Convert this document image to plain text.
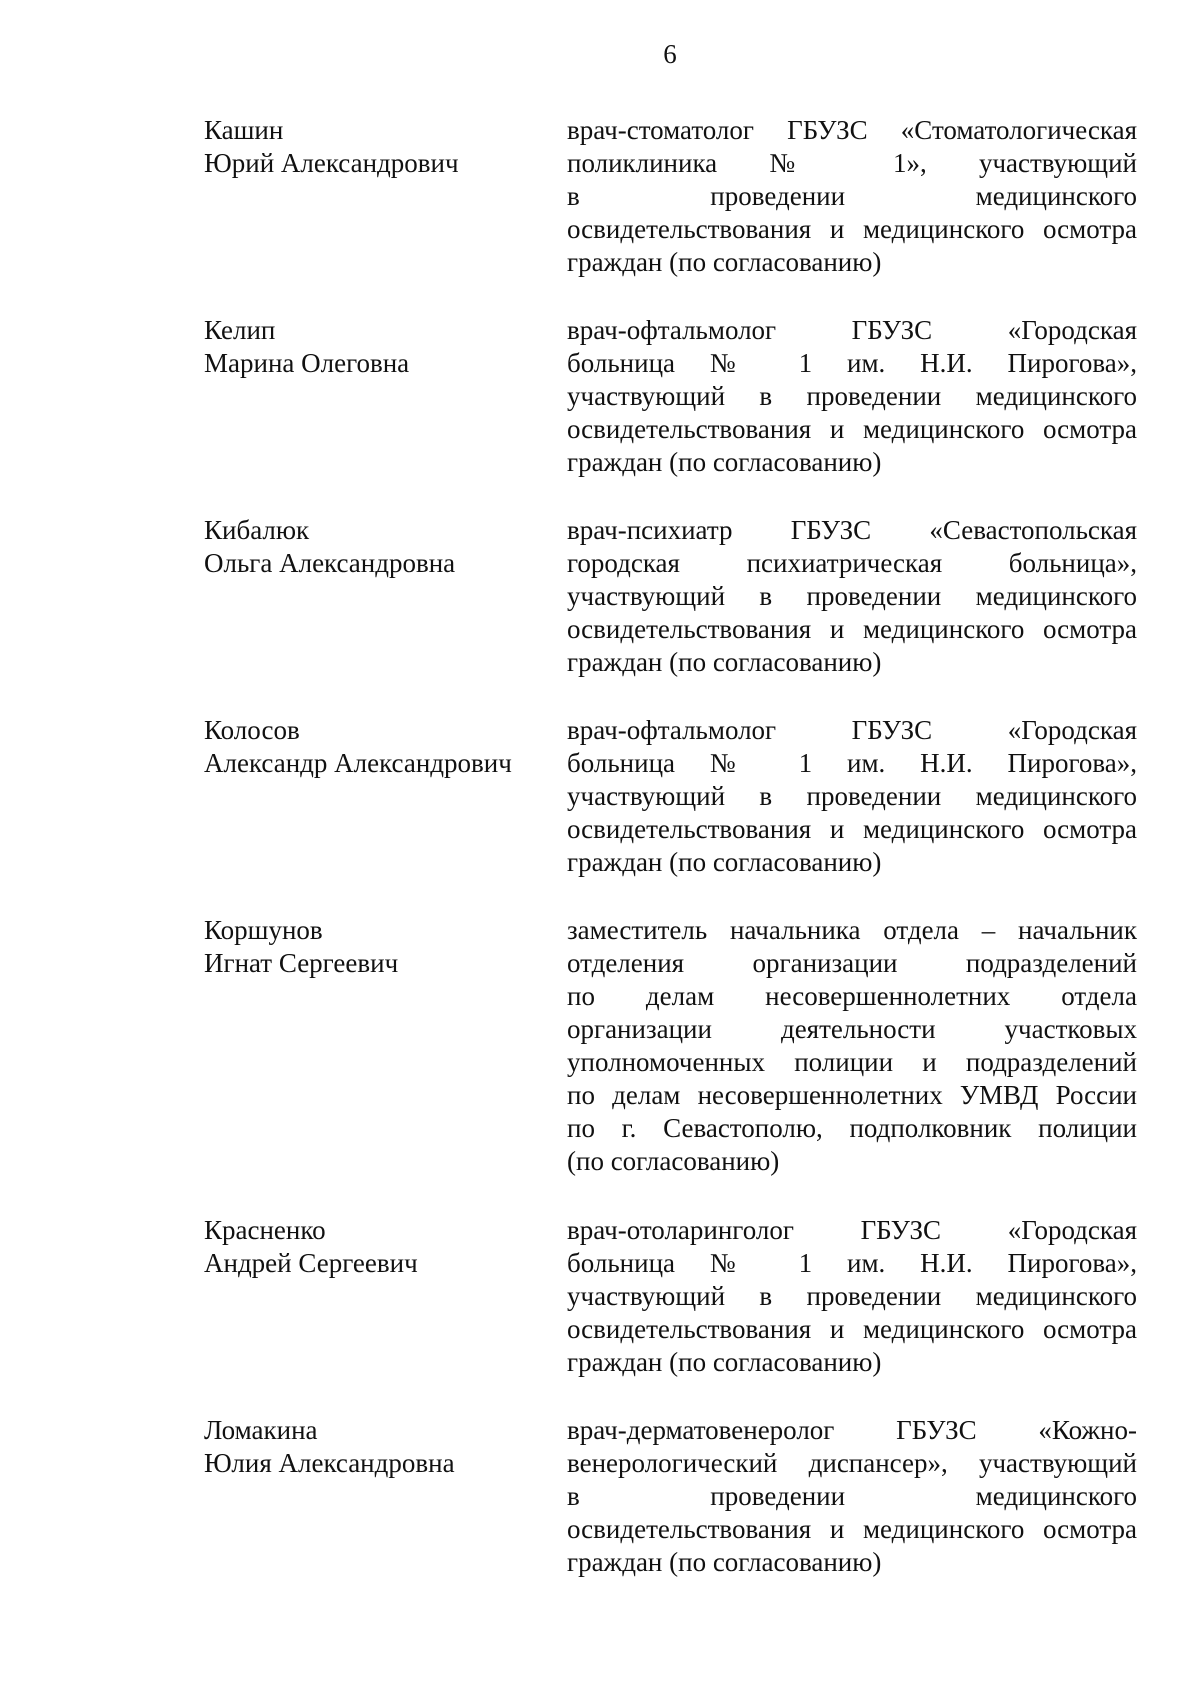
6
Кашин
Юрий Александрович
врач-стоматолог ГБУЗС «Стоматологическая
поликлиника № 1», участвующий
в проведении медицинского
освидетельствования и медицинского осмотра
граждан (по согласованию)
Келип
Марина Олеговна
врач-офтальмолог ГБУЗС «Городская
больница № 1 им. Н.И. Пирогова»,
участвующий в проведении медицинского
освидетельствования и медицинского осмотра
граждан (по согласованию)
Кибалюк
Ольга Александровна
врач-психиатр ГБУЗС «Севастопольская
городская психиатрическая больница»,
участвующий в проведении медицинского
освидетельствования и медицинского осмотра
граждан (по согласованию)
Колосов
Александр Александрович
врач-офтальмолог ГБУЗС «Городская
больница № 1 им. Н.И. Пирогова»,
участвующий в проведении медицинского
освидетельствования и медицинского осмотра
граждан (по согласованию)
Коршунов
Игнат Сергеевич
заместитель начальника отдела – начальник
отделения организации подразделений
по делам несовершеннолетних отдела
организации деятельности участковых
уполномоченных полиции и подразделений
по делам несовершеннолетних УМВД России
по г. Севастополю, подполковник полиции
(по согласованию)
Красненко
Андрей Сергеевич
врач-отоларинголог ГБУЗС «Городская
больница № 1 им. Н.И. Пирогова»,
участвующий в проведении медицинского
освидетельствования и медицинского осмотра
граждан (по согласованию)
Ломакина
Юлия Александровна
врач-дерматовенеролог ГБУЗС «Кожно-
венерологический диспансер», участвующий
в проведении медицинского
освидетельствования и медицинского осмотра
граждан (по согласованию)
